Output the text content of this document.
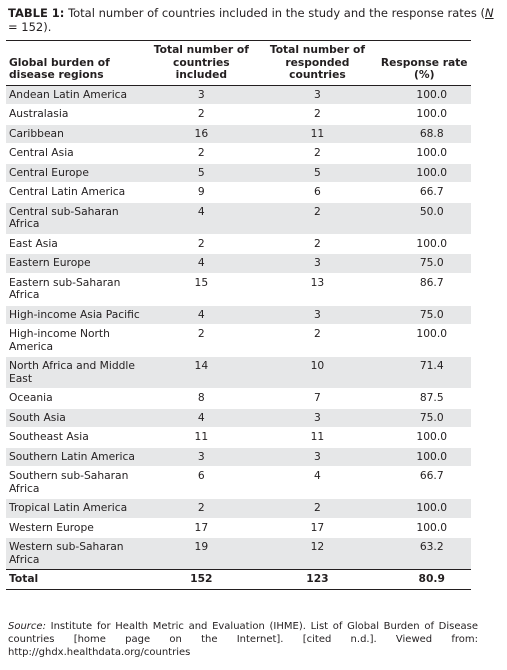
TABLE 1: Total number of countries included in the study and the response rates (N = 152).
Global burden of disease regions	Total number of countries included	Total number of responded countries	Response rate (%)
Andean Latin America	3	3	100.0
Australasia	2	2	100.0
Caribbean	16	11	68.8
Central Asia	2	2	100.0
Central Europe	5	5	100.0
Central Latin America	9	6	66.7
Central sub-Saharan Africa	4	2	50.0
East Asia	2	2	100.0
Eastern Europe	4	3	75.0
Eastern sub-Saharan Africa	15	13	86.7
High-income Asia Pacific	4	3	75.0
High-income North America	2	2	100.0
North Africa and Middle East	14	10	71.4
Oceania	8	7	87.5
South Asia	4	3	75.0
Southeast Asia	11	11	100.0
Southern Latin America	3	3	100.0
Southern sub-Saharan Africa	6	4	66.7
Tropical Latin America	2	2	100.0
Western Europe	17	17	100.0
Western sub-Saharan Africa	19	12	63.2
Total	152	123	80.9
Source: Institute for Health Metric and Evaluation (IHME). List of Global Burden of Disease countries [home page on the Internet]. [cited n.d.]. Viewed from: http://ghdx.healthdata.org/countries
